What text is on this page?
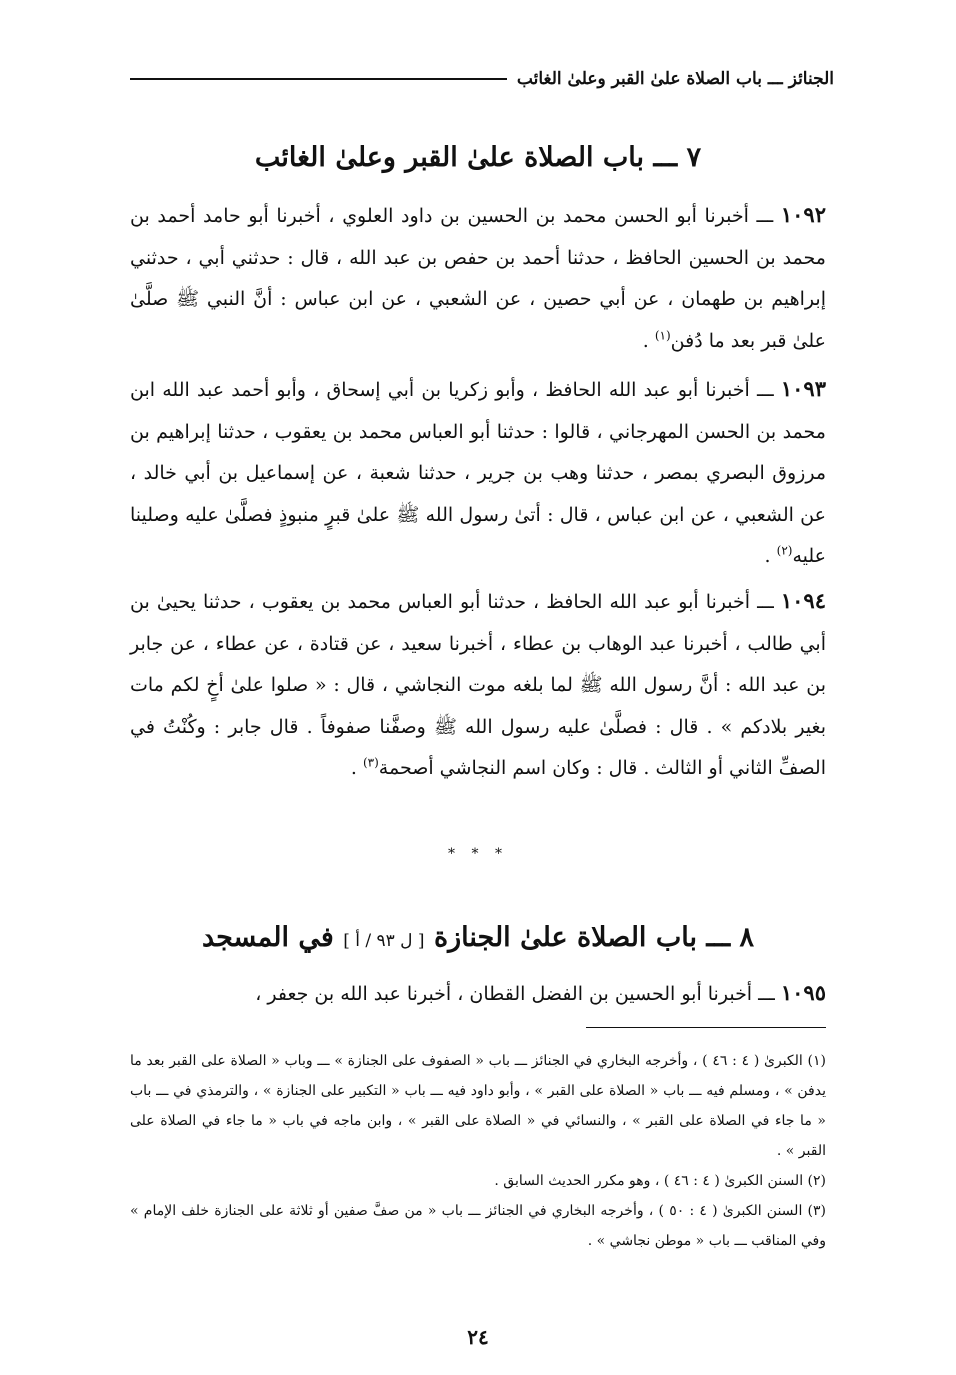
الجنائز ـــ باب الصلاة علىٰ القبر وعلىٰ الغائب
٧ ـــ باب الصلاة علىٰ القبر وعلىٰ الغائب
١٠٩٢ ـــ أخبرنا أبو الحسن محمد بن الحسين بن داود العلوي ، أخبرنا أبو حامد أحمد بن محمد بن الحسين الحافظ ، حدثنا أحمد بن حفص بن عبد الله ، قال : حدثني أبي ، حدثني إبراهيم بن طهمان ، عن أبي حصين ، عن الشعبي ، عن ابن عباس : أنَّ النبي ﷺ صلَّىٰ علىٰ قبر بعد ما دُفن$^{(١)}$ .
١٠٩٣ ـــ أخبرنا أبو عبد الله الحافظ ، وأبو زكريا بن أبي إسحاق ، وأبو أحمد عبد الله ابن محمد بن الحسن المهرجاني ، قالوا : حدثنا أبو العباس محمد بن يعقوب ، حدثنا إبراهيم بن مرزوق البصري بمصر ، حدثنا وهب بن جرير ، حدثنا شعبة ، عن إسماعيل بن أبي خالد ، عن الشعبي ، عن ابن عباس ، قال : أتىٰ رسول الله ﷺ علىٰ قبرٍ منبوذٍ فصلَّىٰ عليه وصلينا عليه$^{(٢)}$ .
١٠٩٤ ـــ أخبرنا أبو عبد الله الحافظ ، حدثنا أبو العباس محمد بن يعقوب ، حدثنا يحيىٰ بن أبي طالب ، أخبرنا عبد الوهاب بن عطاء ، أخبرنا سعيد ، عن قتادة ، عن عطاء ، عن جابر بن عبد الله : أنَّ رسول الله ﷺ لما بلغه موت النجاشي ، قال : « صلوا علىٰ أخٍ لكم مات بغير بلادكم » . قال : فصلَّىٰ عليه رسول الله ﷺ وصفَّنا صفوفاً . قال جابر : وكُنْتُ في الصفِّ الثاني أو الثالث . قال : وكان اسم النجاشي أصحمة$^{(٣)}$ .
* * *
٨ ـــ باب الصلاة علىٰ الجنازة [ ل ٩٣ / أ ] في المسجد
١٠٩٥ ـــ أخبرنا أبو الحسين بن الفضل القطان ، أخبرنا عبد الله بن جعفر ،

(١) الكبرىٰ ( ٤ : ٤٦ ) ، وأخرجه البخاري في الجنائز ـــ باب « الصفوف على الجنازة » ـــ وباب « الصلاة على القبر بعد ما يدفن » ، ومسلم فيه ـــ باب « الصلاة على القبر » ، وأبو داود فيه ـــ باب « التكبير على الجنازة » ، والترمذي في ـــ باب « ما جاء في الصلاة على القبر » ، والنسائي في « الصلاة على القبر » ، وابن ماجه في باب « ما جاء في الصلاة على القبر » .

(٢) السنن الكبرىٰ ( ٤ : ٤٦ ) ، وهو مكرر الحديث السابق .

(٣) السنن الكبرىٰ ( ٤ : ٥٠ ) ، وأخرجه البخاري في الجنائز ـــ باب « من صفَّ صفين أو ثلاثة على الجنازة خلف الإمام » وفي المناقب ـــ باب « موطن نجاشي » .

٢٤
